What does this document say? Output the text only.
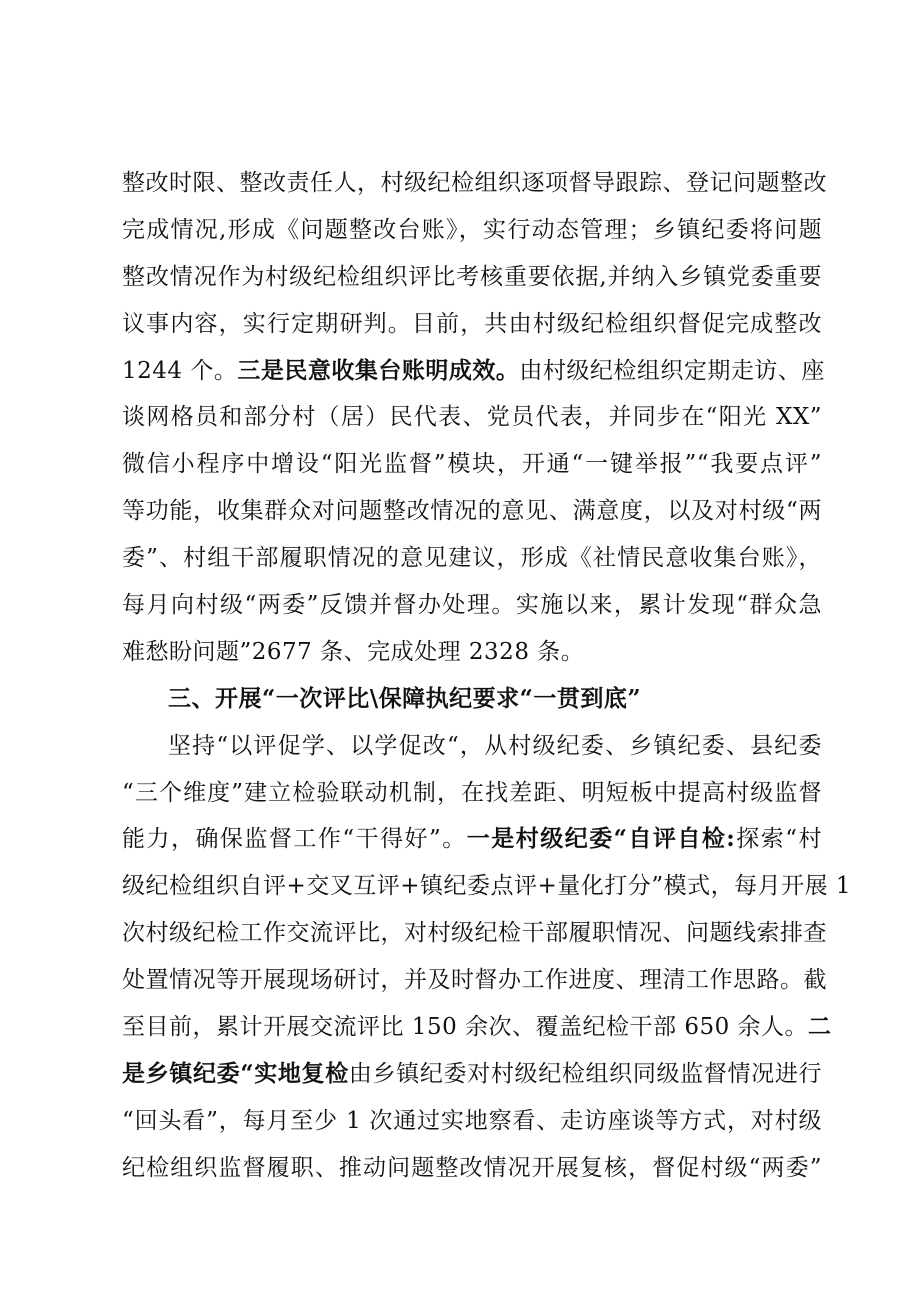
整改时限、整改责任人，村级纪检组织逐项督导跟踪、登记问题整改
完成情况,形成《问题整改台账》，实行动态管理；乡镇纪委将问题
整改情况作为村级纪检组织评比考核重要依据,并纳入乡镇党委重要
议事内容，实行定期研判。目前，共由村级纪检组织督促完成整改
1244 个。三是民意收集台账明成效。由村级纪检组织定期走访、座
谈网格员和部分村（居）民代表、党员代表，并同步在“阳光 XX”
微信小程序中增设“阳光监督”模块，开通“一键举报”“我要点评”
等功能，收集群众对问题整改情况的意见、满意度，以及对村级“两
委”、村组干部履职情况的意见建议，形成《社情民意收集台账》，
每月向村级“两委”反馈并督办处理。实施以来，累计发现“群众急
难愁盼问题”2677 条、完成处理 2328 条。
三、开展“一次评比\保障执纪要求“一贯到底”
坚持“以评促学、以学促改“，从村级纪委、乡镇纪委、县纪委
“三个维度”建立检验联动机制，在找差距、明短板中提高村级监督
能力，确保监督工作“干得好”。一是村级纪委“自评自检:探索“村
级纪检组织自评+交叉互评+镇纪委点评+量化打分”模式，每月开展 1
次村级纪检工作交流评比，对村级纪检干部履职情况、问题线索排查
处置情况等开展现场研讨，并及时督办工作进度、理清工作思路。截
至目前，累计开展交流评比 150 余次、覆盖纪检干部 650 余人。二
是乡镇纪委“实地复检由乡镇纪委对村级纪检组织同级监督情况进行
“回头看”，每月至少 1 次通过实地察看、走访座谈等方式，对村级
纪检组织监督履职、推动问题整改情况开展复核，督促村级“两委”
